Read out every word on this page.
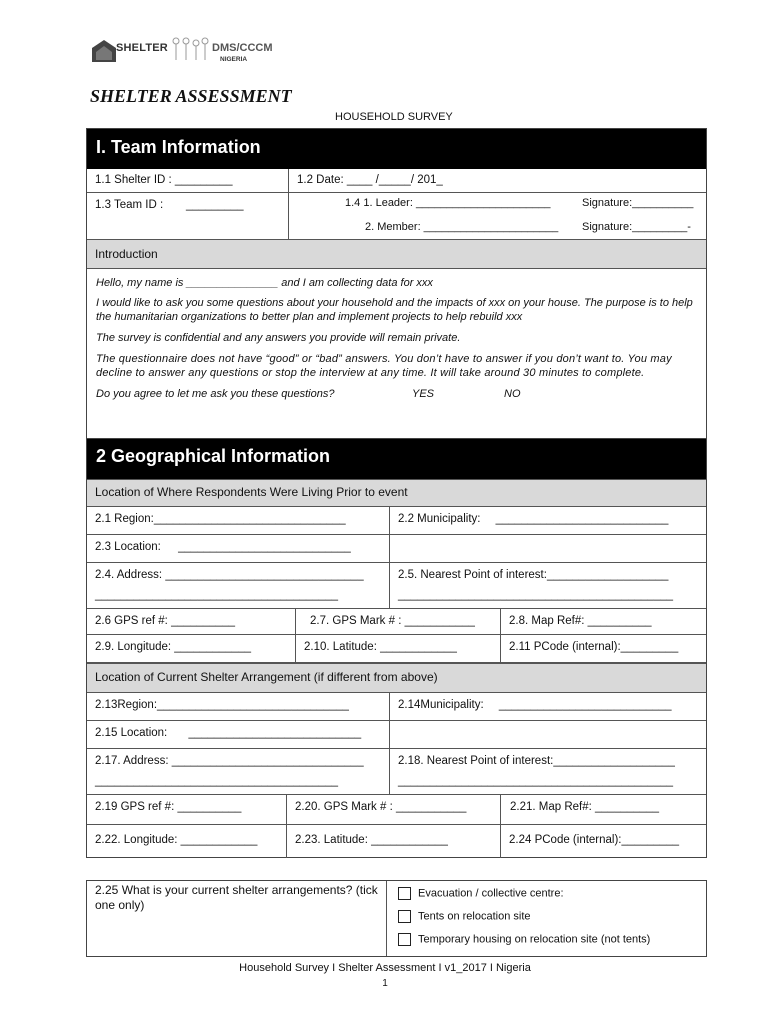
SHELTER	DMS/CCCM
NIGERIA
SHELTER ASSESSMENT
HOUSEHOLD SURVEY
I. Team Information
1.1 Shelter ID : _________	1.2 Date: ____ /_____/ 201_
1.3 Team ID : _________	1.4 1. Leader: ______________________	Signature:__________
2. Member: ______________________ Signature:_________-
Introduction
Hello, my name is _______________ and I am collecting data for xxx
I would like to ask you some questions about your household and the impacts of xxx on your house. The purpose is to help the humanitarian organizations to better plan and implement projects to help rebuild xxx
The survey is confidential and any answers you provide will remain private.
The questionnaire does not have “good” or “bad” answers. You don’t have to answer if you don’t want to. You may decline to answer any questions or stop the interview at any time. It will take around 30 minutes to complete.
Do you agree to let me ask you these questions?	YES	NO
2 Geographical Information
Location of Where Respondents Were Living Prior to event
2.1 Region:______________________________	2.2 Municipality: ___________________________
2.3 Location: ___________________________
2.4. Address: _______________________________
______________________________________
2.5. Nearest Point of interest:___________________
___________________________________________
2.6 GPS ref #: __________	2.7. GPS Mark # : ___________	2.8. Map Ref#: __________
2.9. Longitude: ____________	2.10. Latitude: ____________	2.11 PCode (internal):_________
Location of Current Shelter Arrangement (if different from above)
2.13Region:______________________________	2.14Municipality: ___________________________
2.15 Location: ___________________________
2.17. Address: ______________________________
______________________________________
2.18. Nearest Point of interest:___________________
___________________________________________
2.19 GPS ref #: __________	2.20. GPS Mark # : ___________	2.21. Map Ref#: __________
2.22. Longitude: ____________	2.23. Latitude: ____________	2.24 PCode (internal):_________
2.25 What is your current shelter arrangements? (tick one only)
Evacuation / collective centre:
Tents on relocation site
Temporary housing on relocation site (not tents)
Household Survey I Shelter Assessment I v1_2017 I Nigeria
1
